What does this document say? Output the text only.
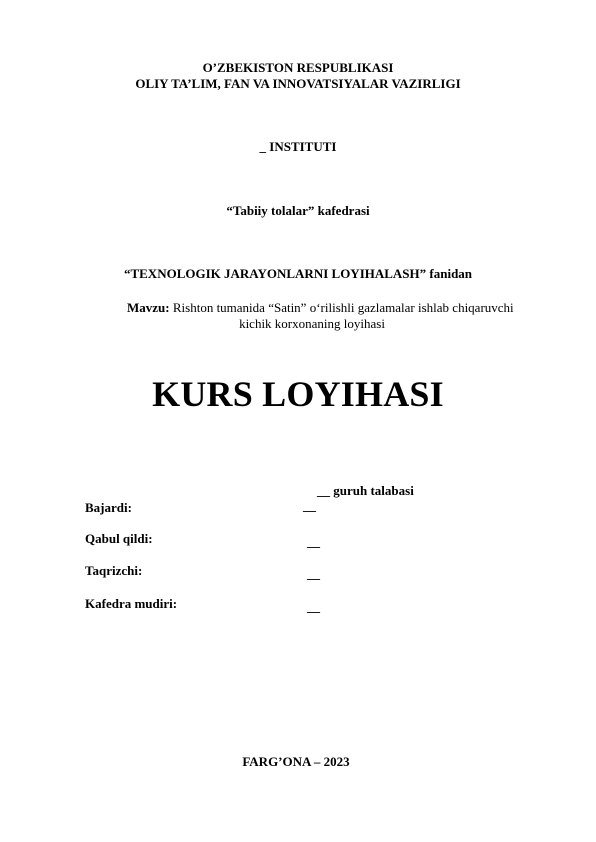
O’ZBEKISTON RESPUBLIKASI
OLIY TA’LIM, FAN VA INNOVATSIYALAR VAZIRLIGI
_ INSTITUTI
“Tabiiy tolalar” kafedrasi
“TEXNOLOGIK JARAYONLARNI LOYIHALASH” fanidan
Mavzu: Rishton tumanida “Satin” o‘rilishli gazlamalar ishlab chiqaruvchi
kichik korxonaning loyihasi
KURS LOYIHASI
__ guruh talabasi
Bajardi:	__
Qabul qildi:	__
Taqrizchi:	__
Kafedra mudiri:	__
FARG’ONA – 2023
